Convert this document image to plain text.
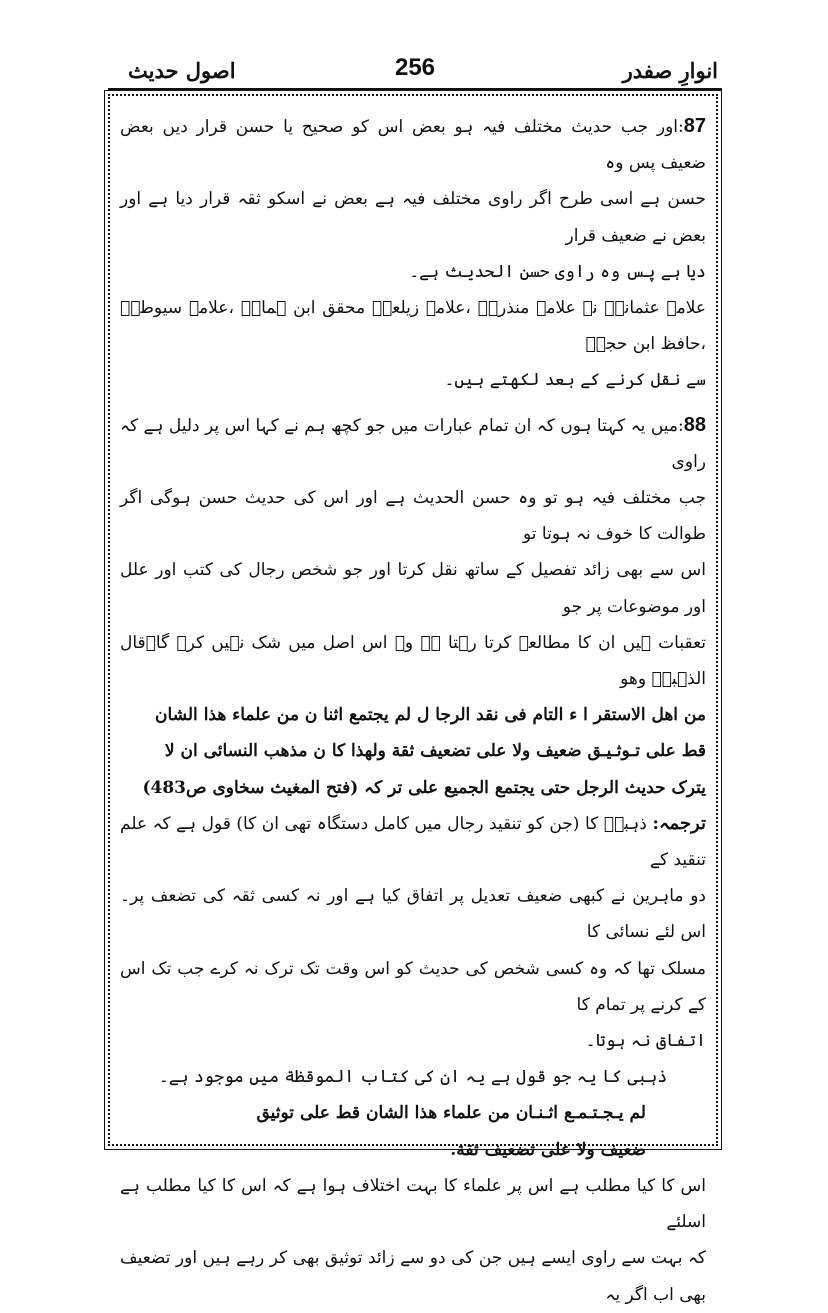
انوارِ صفدر
256
اصول حدیث

87:اور جب حدیث مختلف فیہ ہو بعض اس کو صحیح یا حسن قرار دیں بعض ضعیف پس وہ

حسن ہے اسی طرح اگر راوی مختلف فیہ ہے بعض نے اسکو ثقہ قرار دیا ہے اور بعض نے ضعیف قرار

دیا ہے پس وہ راوی حسن الحدیث ہے۔

علامہ عثمانیؒ نے علامہ منذریؒ ،علامہ زیلعیؒ محقق ابن ہمامؒ ،علامہ سیوطیؒ ،حافظ ابن حجرؒ

سے نقل کرنے کے بعد لکھتے ہیں۔

88:میں یہ کہتا ہوں کہ ان تمام عبارات میں جو کچھ ہم نے کہا اس پر دلیل ہے کہ راوی

جب مختلف فیہ ہو تو وہ حسن الحدیث ہے اور اس کی حدیث حسن ہوگی اگر طوالت کا خوف نہ ہوتا تو

اس سے بھی زائد تفصیل کے ساتھ نقل کرتا اور جو شخص رجال کی کتب اور علل اور موضوعات پر جو

تعقبات ہیں ان کا مطالعہ کرتا رہتا ہے وہ اس اصل میں شک نہیں کرے گا۔قال الذہبیؒ وھو

من اھل الاستقر ا ء التام فی نقد الرجا ل لم یجتمع اثنا ن من علماء ھذا الشان

قط علی تـوثـیـق ضعیف ولا علی تضعیف ثقة ولھذا کا ن مذھب النسائی ان لا

یترک حدیث الرجل حتی یجتمع الجمیع علی تر کہ (فتح المغیث سخاوی ص483)

ترجمہ: ذہبیؒ کا (جن کو تنقید رجال میں کامل دستگاہ تھی ان کا) قول ہے کہ علم تنقید کے

دو ماہرین نے کبھی ضعیف تعدیل پر اتفاق کیا ہے اور نہ کسی ثقہ کی تضعف پر۔اس لئے نسائی کا

مسلک تھا کہ وہ کسی شخص کی حدیث کو اس وقت تک ترک نہ کرے جب تک اس کے کرنے پر تمام کا

اتفاق نہ ہوتا۔

ذہبی کا یہ جو قول ہے یہ ان کی کتاب الموقظة میں موجود ہے۔

لم یـجـتـمـع اثـنـان من علماء ھذا الشان قط علی توثیق

ضعیف ولا علی تضعیف ثقة.

اس کا کیا مطلب ہے اس پر علماء کا بہت اختلاف ہوا ہے کہ اس کا کیا مطلب ہے اسلئے

کہ بہت سے راوی ایسے ہیں جن کی دو سے زائد توثیق بھی کر رہے ہیں اور تضعیف بھی اب اگر یہ
